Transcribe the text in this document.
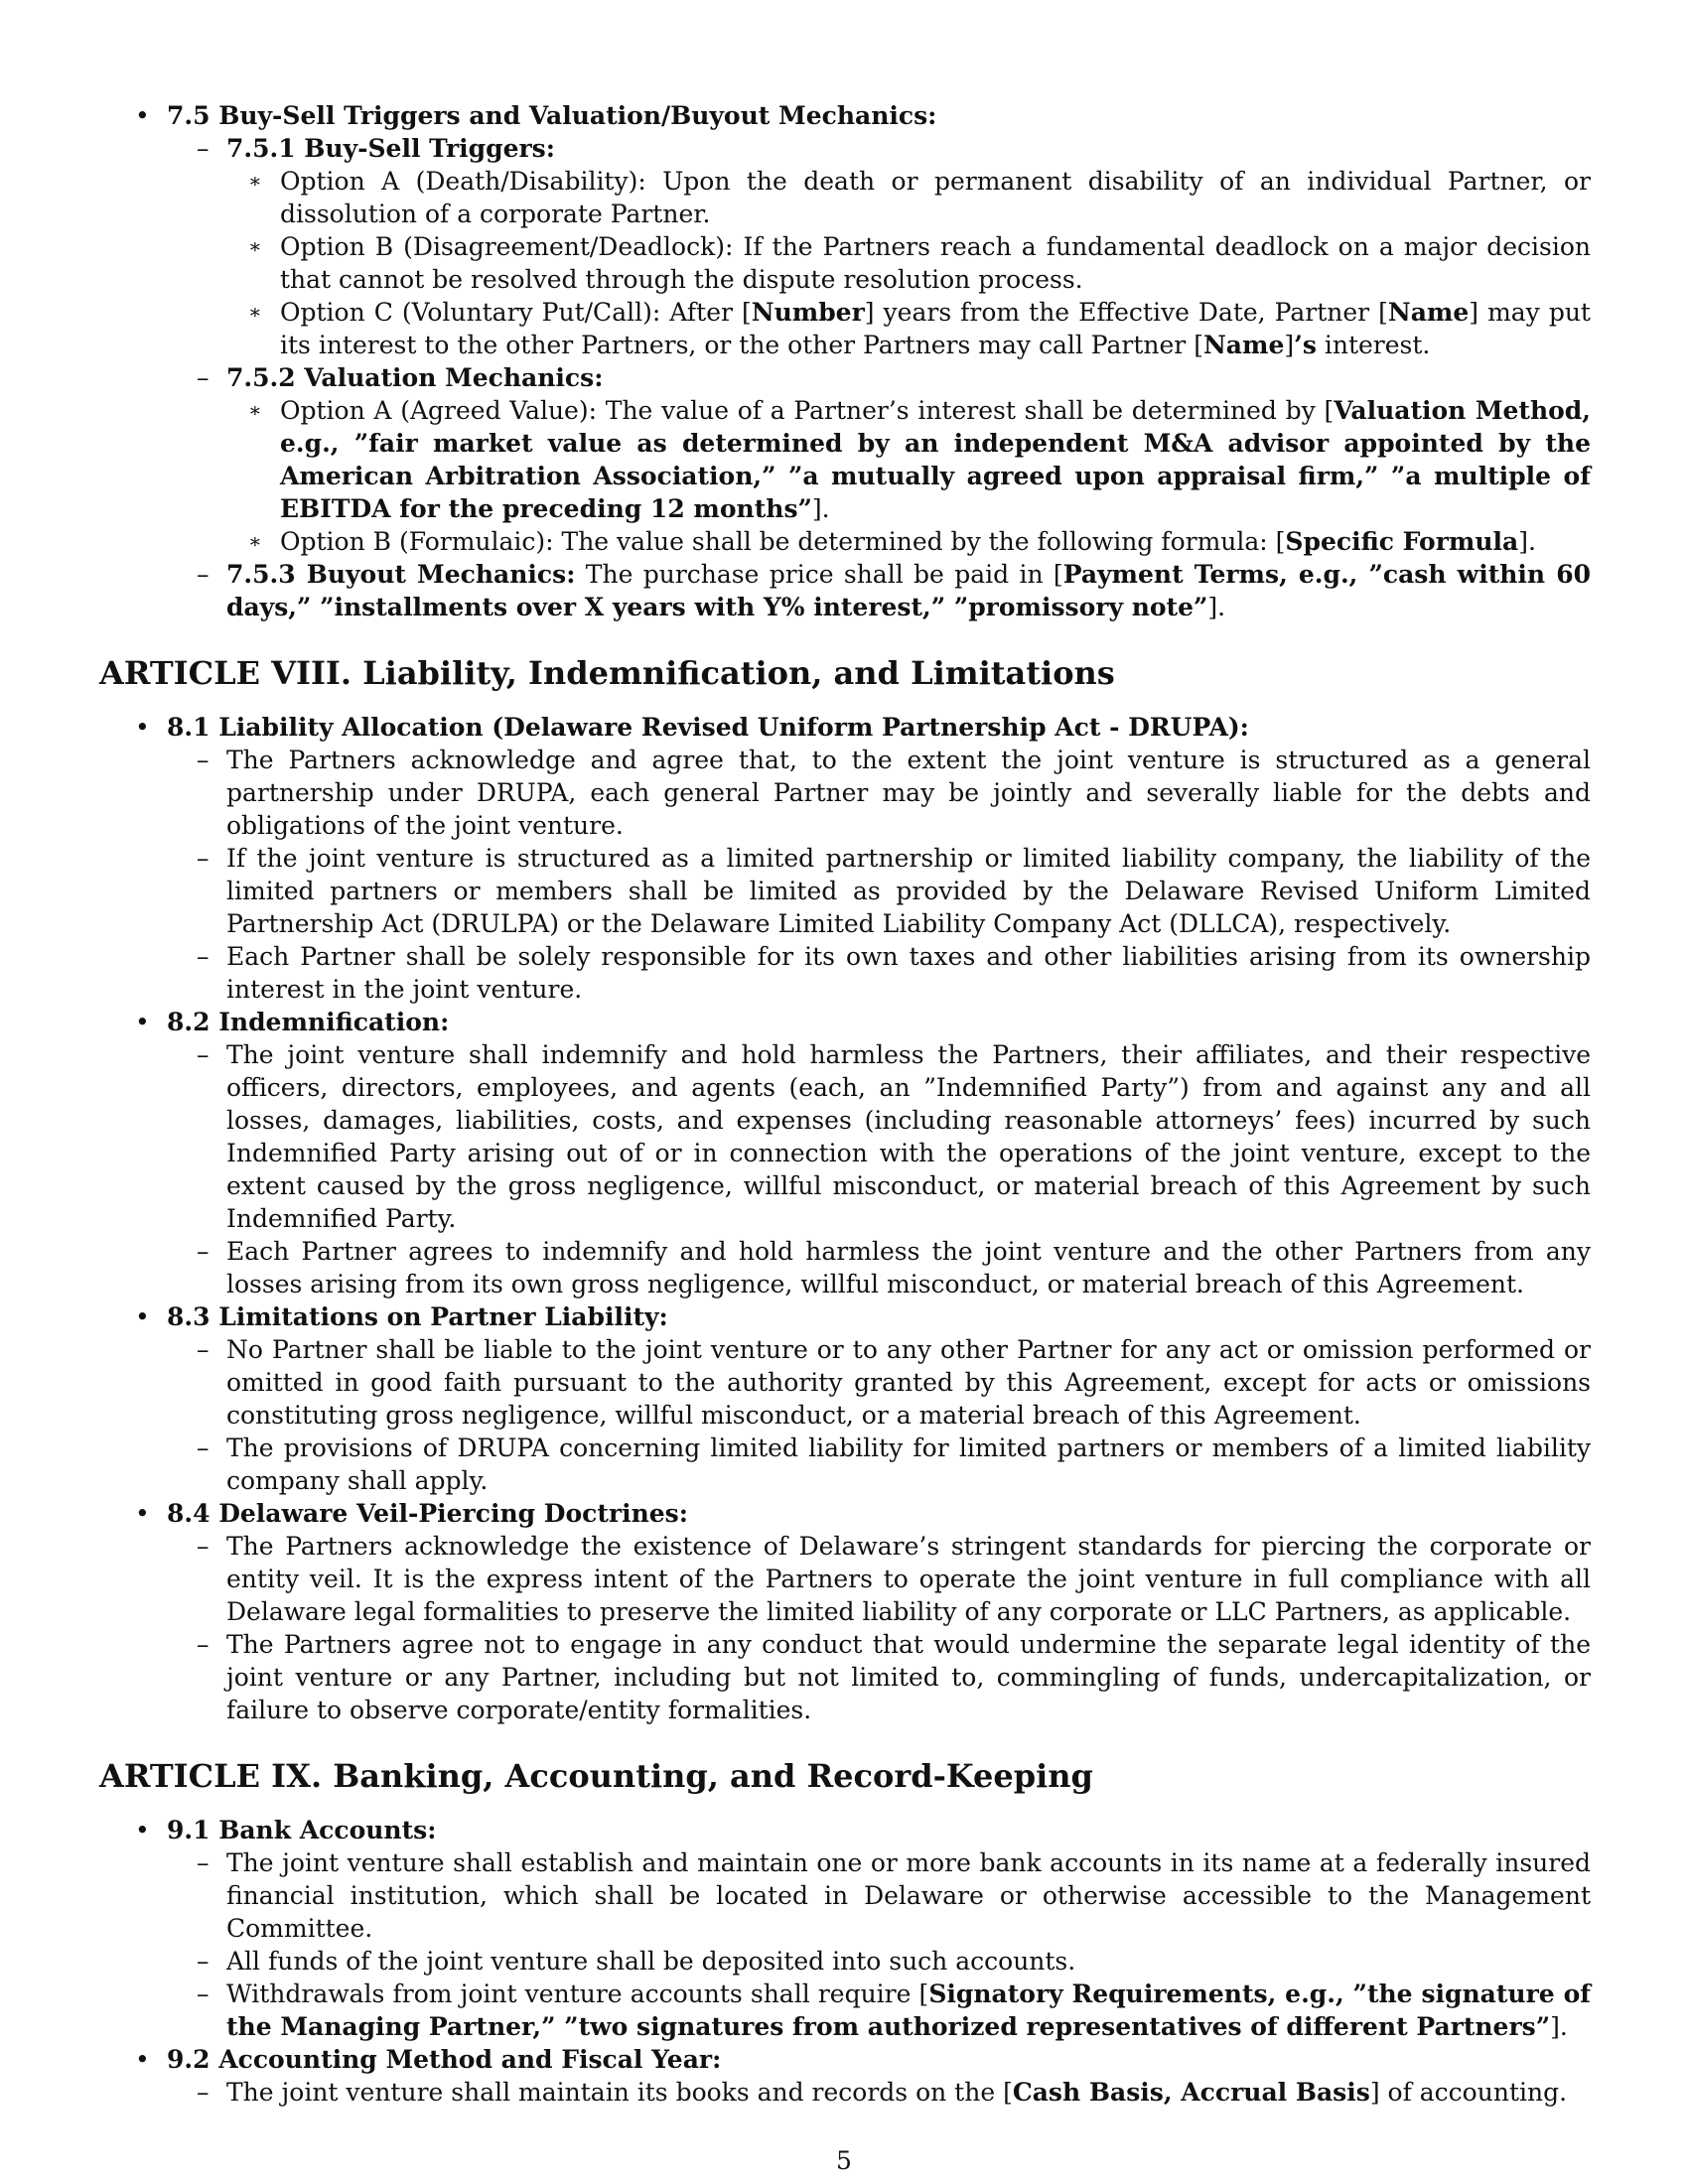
• 7.5 Buy-Sell Triggers and Valuation/Buyout Mechanics:
– 7.5.1 Buy-Sell Triggers:
∗ Option A (Death/Disability): Upon the death or permanent disability of an individual Partner, or dissolution of a corporate Partner.
∗ Option B (Disagreement/Deadlock): If the Partners reach a fundamental deadlock on a major decision that cannot be resolved through the dispute resolution process.
∗ Option C (Voluntary Put/Call): After [Number] years from the Effective Date, Partner [Name] may put its interest to the other Partners, or the other Partners may call Partner [Name]’s interest.
– 7.5.2 Valuation Mechanics:
∗ Option A (Agreed Value): The value of a Partner’s interest shall be determined by [Valuation Method, e.g., ”fair market value as determined by an independent M&A advisor appointed by the American Arbitration Association,” ”a mutually agreed upon appraisal firm,” ”a multiple of EBITDA for the preceding 12 months”].
∗ Option B (Formulaic): The value shall be determined by the following formula: [Specific Formula].
– 7.5.3 Buyout Mechanics: The purchase price shall be paid in [Payment Terms, e.g., ”cash within 60 days,” ”installments over X years with Y% interest,” ”promissory note”].
ARTICLE VIII. Liability, Indemnification, and Limitations
• 8.1 Liability Allocation (Delaware Revised Uniform Partnership Act - DRUPA):
– The Partners acknowledge and agree that, to the extent the joint venture is structured as a general partnership under DRUPA, each general Partner may be jointly and severally liable for the debts and obligations of the joint venture.
– If the joint venture is structured as a limited partnership or limited liability company, the liability of the limited partners or members shall be limited as provided by the Delaware Revised Uniform Limited Partnership Act (DRULPA) or the Delaware Limited Liability Company Act (DLLCA), respectively.
– Each Partner shall be solely responsible for its own taxes and other liabilities arising from its ownership interest in the joint venture.
• 8.2 Indemnification:
– The joint venture shall indemnify and hold harmless the Partners, their affiliates, and their respective officers, directors, employees, and agents (each, an ”Indemnified Party”) from and against any and all losses, damages, liabilities, costs, and expenses (including reasonable attorneys’ fees) incurred by such Indemnified Party arising out of or in connection with the operations of the joint venture, except to the extent caused by the gross negligence, willful misconduct, or material breach of this Agreement by such Indemnified Party.
– Each Partner agrees to indemnify and hold harmless the joint venture and the other Partners from any losses arising from its own gross negligence, willful misconduct, or material breach of this Agreement.
• 8.3 Limitations on Partner Liability:
– No Partner shall be liable to the joint venture or to any other Partner for any act or omission performed or omitted in good faith pursuant to the authority granted by this Agreement, except for acts or omissions constituting gross negligence, willful misconduct, or a material breach of this Agreement.
– The provisions of DRUPA concerning limited liability for limited partners or members of a limited liability company shall apply.
• 8.4 Delaware Veil-Piercing Doctrines:
– The Partners acknowledge the existence of Delaware’s stringent standards for piercing the corporate or entity veil. It is the express intent of the Partners to operate the joint venture in full compliance with all Delaware legal formalities to preserve the limited liability of any corporate or LLC Partners, as applicable.
– The Partners agree not to engage in any conduct that would undermine the separate legal identity of the joint venture or any Partner, including but not limited to, commingling of funds, undercapitalization, or failure to observe corporate/entity formalities.
ARTICLE IX. Banking, Accounting, and Record-Keeping
• 9.1 Bank Accounts:
– The joint venture shall establish and maintain one or more bank accounts in its name at a federally insured financial institution, which shall be located in Delaware or otherwise accessible to the Management Committee.
– All funds of the joint venture shall be deposited into such accounts.
– Withdrawals from joint venture accounts shall require [Signatory Requirements, e.g., ”the signature of the Managing Partner,” ”two signatures from authorized representatives of different Partners”].
• 9.2 Accounting Method and Fiscal Year:
– The joint venture shall maintain its books and records on the [Cash Basis, Accrual Basis] of accounting.
5
